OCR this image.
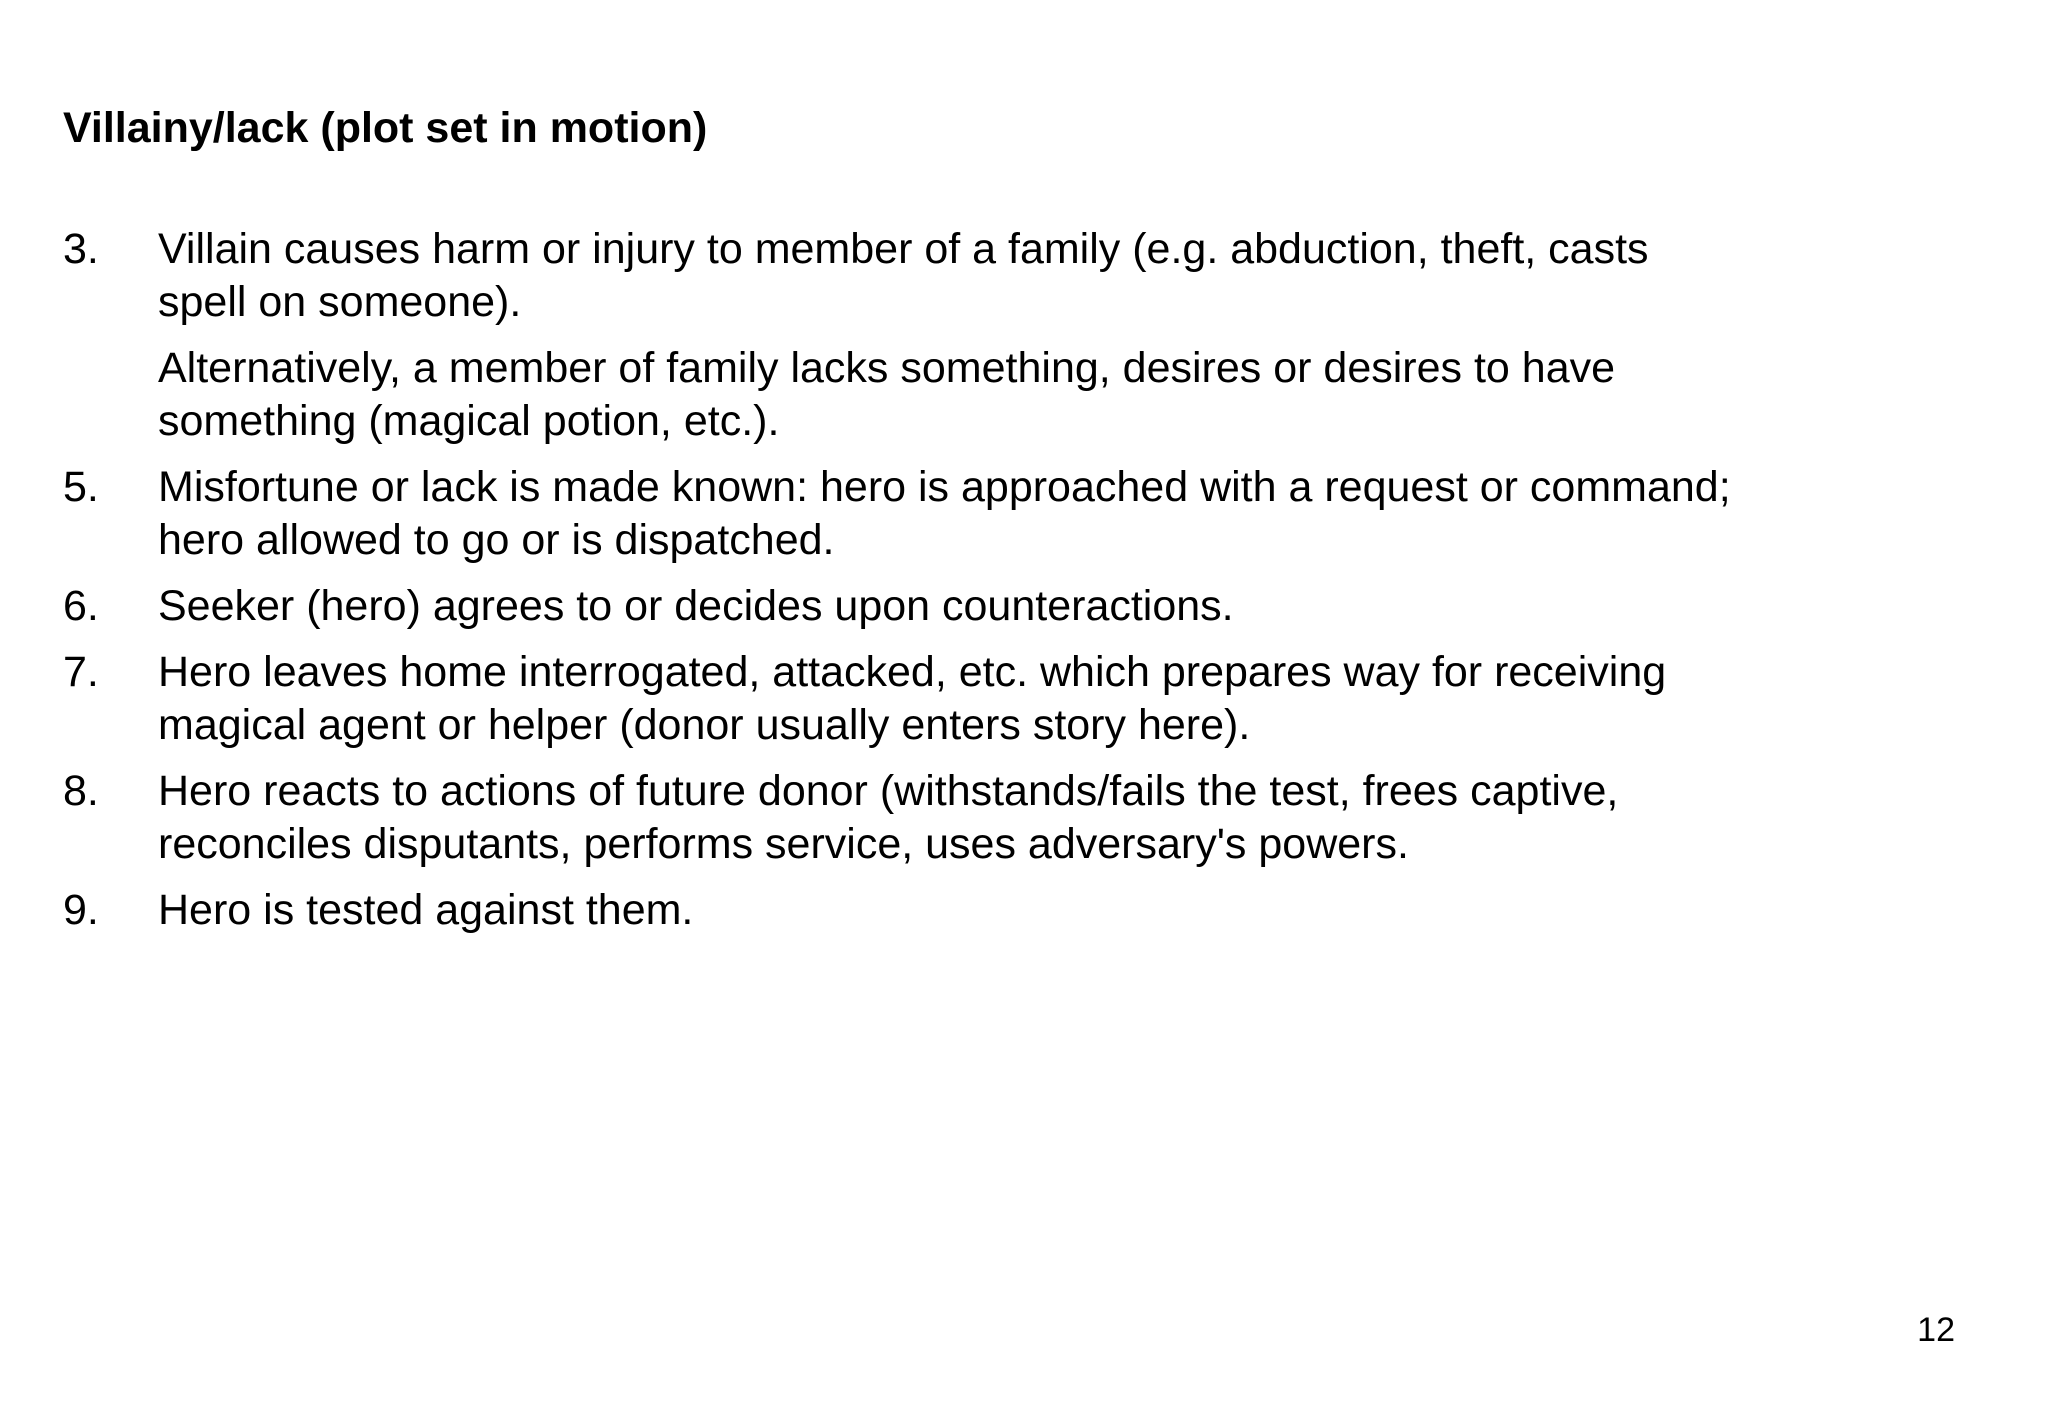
Villainy/lack (plot set in motion)
3. Villain causes harm or injury to member of a family (e.g. abduction, theft, casts
spell on someone).
Alternatively, a member of family lacks something, desires or desires to have
something (magical potion, etc.).
5. Misfortune or lack is made known: hero is approached with a request or command;
hero allowed to go or is dispatched.
6. Seeker (hero) agrees to or decides upon counteractions.
7. Hero leaves home interrogated, attacked, etc. which prepares way for receiving
magical agent or helper (donor usually enters story here).
8. Hero reacts to actions of future donor (withstands/fails the test, frees captive,
reconciles disputants, performs service, uses adversary's powers.
9. Hero is tested against them.
12
